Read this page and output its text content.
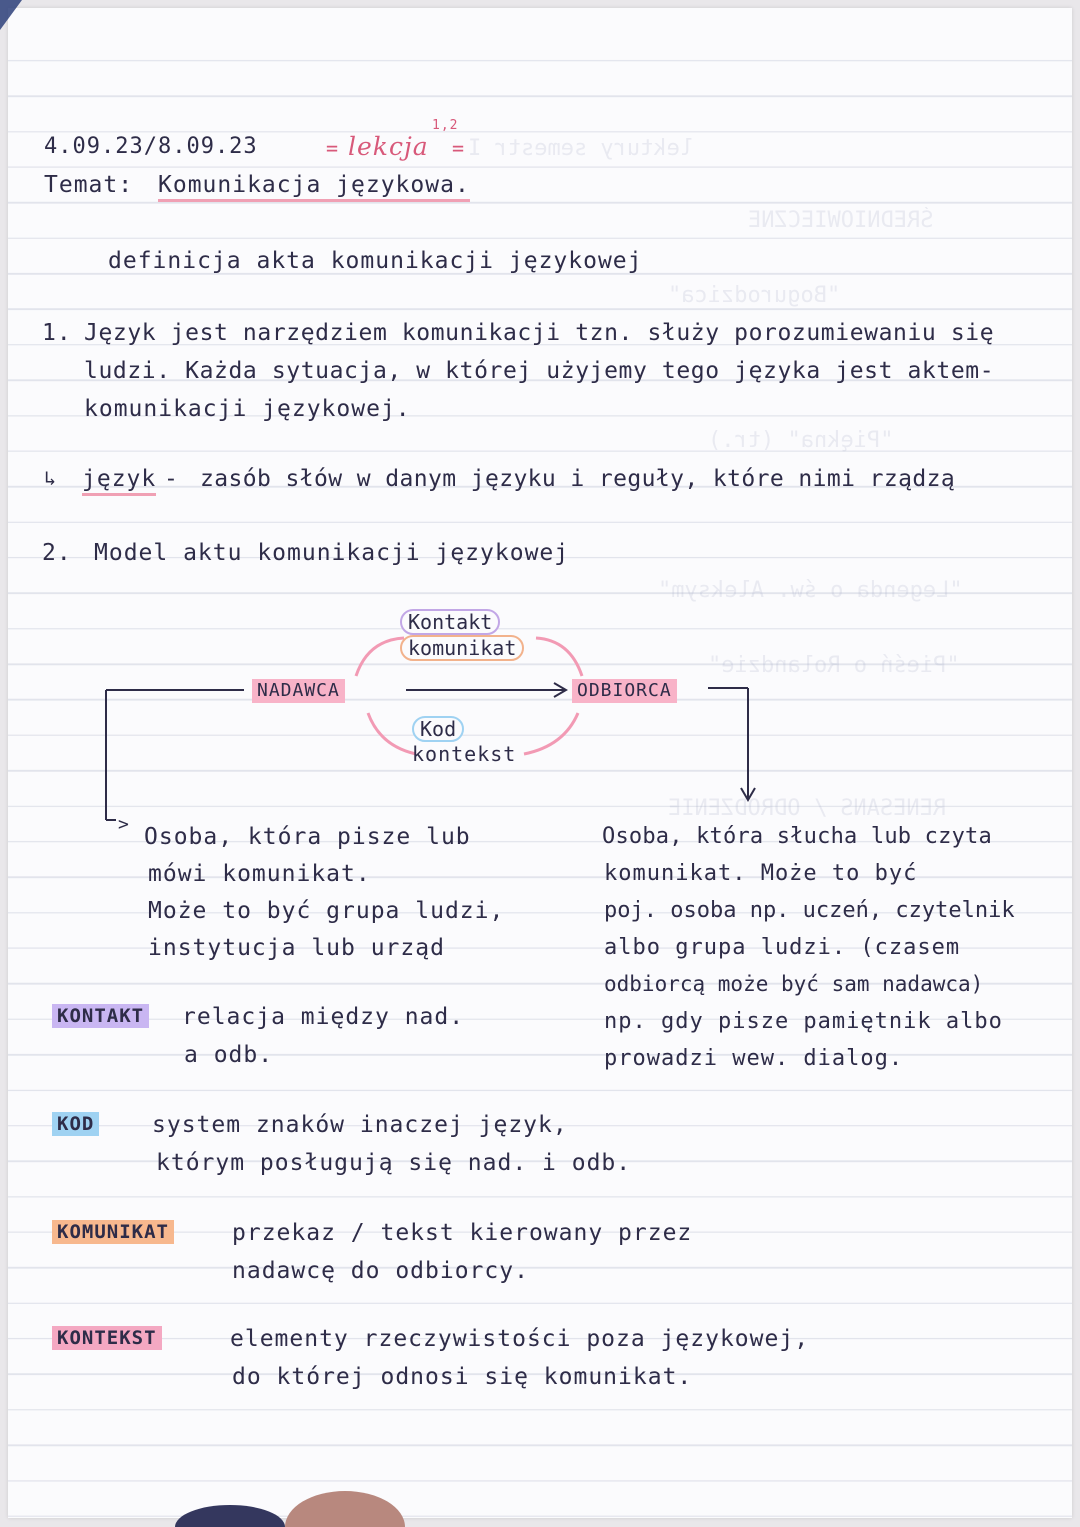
lektury semestr I
ŚREDNIOWIECZNE
"Bogurodzica"
"Piękna" (tr.)
"Legenda o św. Aleksym"
"Pieśń o Rolandzie"
RENESANS / ODRODZENIE
4.09.23/8.09.23	lekcja
1,2
=	=
Temat: Komunikacja językowa.
definicja akta komunikacji językowej
1. Język jest narzędziem komunikacji tzn. służy porozumiewaniu się
ludzi. Każda sytuacja, w której użyjemy tego języka jest aktem-
komunikacji językowej.
↳ język - zasób słów w danym języku i reguły, które nimi rządzą
2. Model aktu komunikacji językowej
Kontakt
komunikat
NADAWCA	ODBIORCA
Kod
kontekst
> Osoba, która pisze lub
mówi komunikat.
Może to być grupa ludzi,
instytucja lub urząd
Osoba, która słucha lub czyta
komunikat. Może to być
poj. osoba np. uczeń, czytelnik
albo grupa ludzi. (czasem
odbiorcą może być sam nadawca)
np. gdy pisze pamiętnik albo
prowadzi wew. dialog.
KONTAKT relacja między nad.
a odb.
KOD	system znaków inaczej język,
którym posługują się nad. i odb.
KOMUNIKAT	przekaz / tekst kierowany przez
nadawcę do odbiorcy.
KONTEKST	elementy rzeczywistości poza językowej,
do której odnosi się komunikat.
